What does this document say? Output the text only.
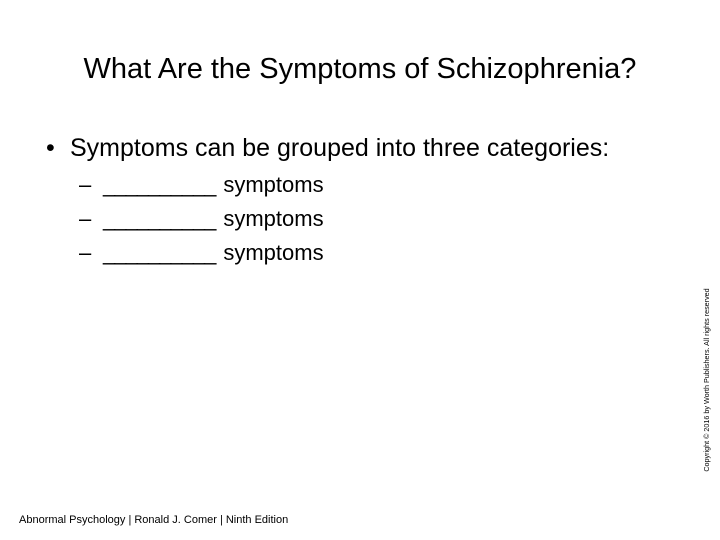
What Are the Symptoms of Schizophrenia?
• Symptoms can be grouped into three categories:
– __________ symptoms
– __________ symptoms
– __________ symptoms
Copyright © 2016 by Worth Publishers. All rights reserved
Abnormal Psychology | Ronald J. Comer | Ninth Edition
